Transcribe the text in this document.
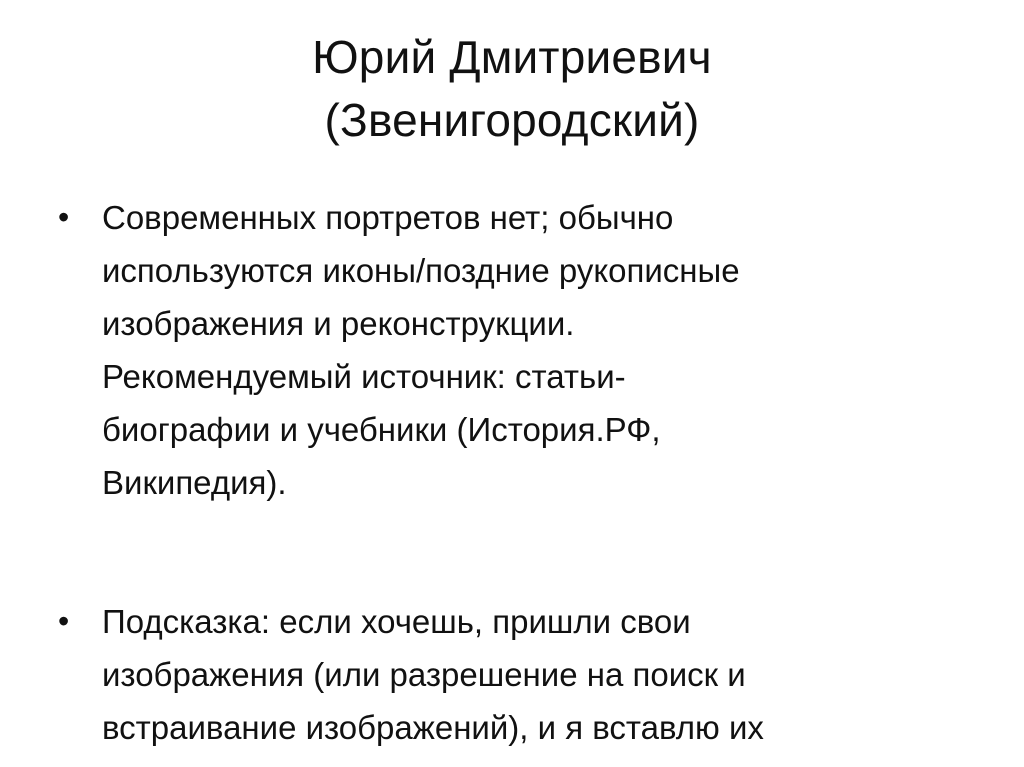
Юрий Дмитриевич
(Звенигородский)
• Современных портретов нет; обычно
используются иконы/поздние рукописные
изображения и реконструкции.
Рекомендуемый источник: статьи-
биографии и учебники (История.РФ,
Википедия).
• Подсказка: если хочешь, пришли свои
изображения (или разрешение на поиск и
встраивание изображений), и я вставлю их
